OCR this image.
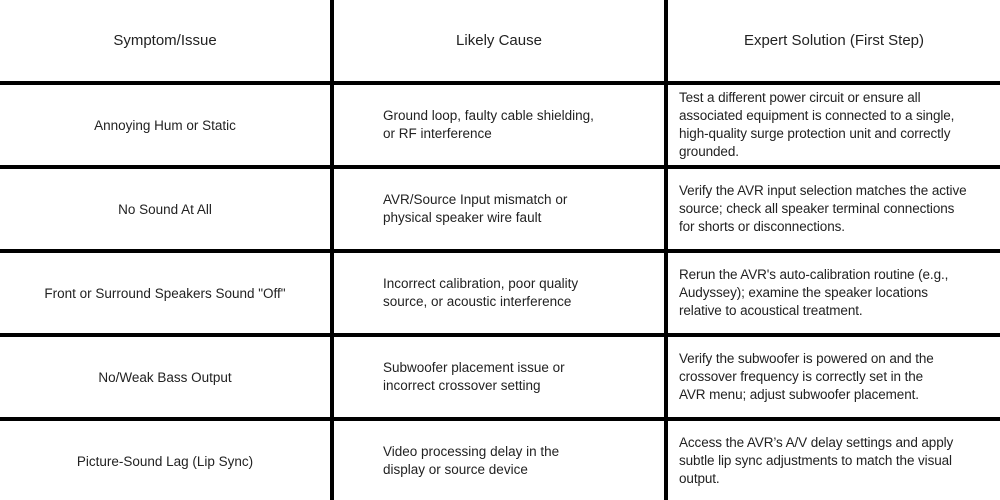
Symptom/Issue	Likely Cause	Expert Solution (First Step)
Annoying Hum or Static
Ground loop, faulty cable shielding,
or RF interference
Test a different power circuit or ensure all
associated equipment is connected to a single,
high-quality surge protection unit and correctly
grounded.
No Sound At All
AVR/Source Input mismatch or
physical speaker wire fault
Verify the AVR input selection matches the active
source; check all speaker terminal connections
for shorts or disconnections.
Front or Surround Speakers Sound "Off"
Incorrect calibration, poor quality
source, or acoustic interference
Rerun the AVR's auto-calibration routine (e.g.,
Audyssey); examine the speaker locations
relative to acoustical treatment.
No/Weak Bass Output
Subwoofer placement issue or
incorrect crossover setting
Verify the subwoofer is powered on and the
crossover frequency is correctly set in the
AVR menu; adjust subwoofer placement.
Picture-Sound Lag (Lip Sync)
Video processing delay in the
display or source device
Access the AVR’s A/V delay settings and apply
subtle lip sync adjustments to match the visual
output.
